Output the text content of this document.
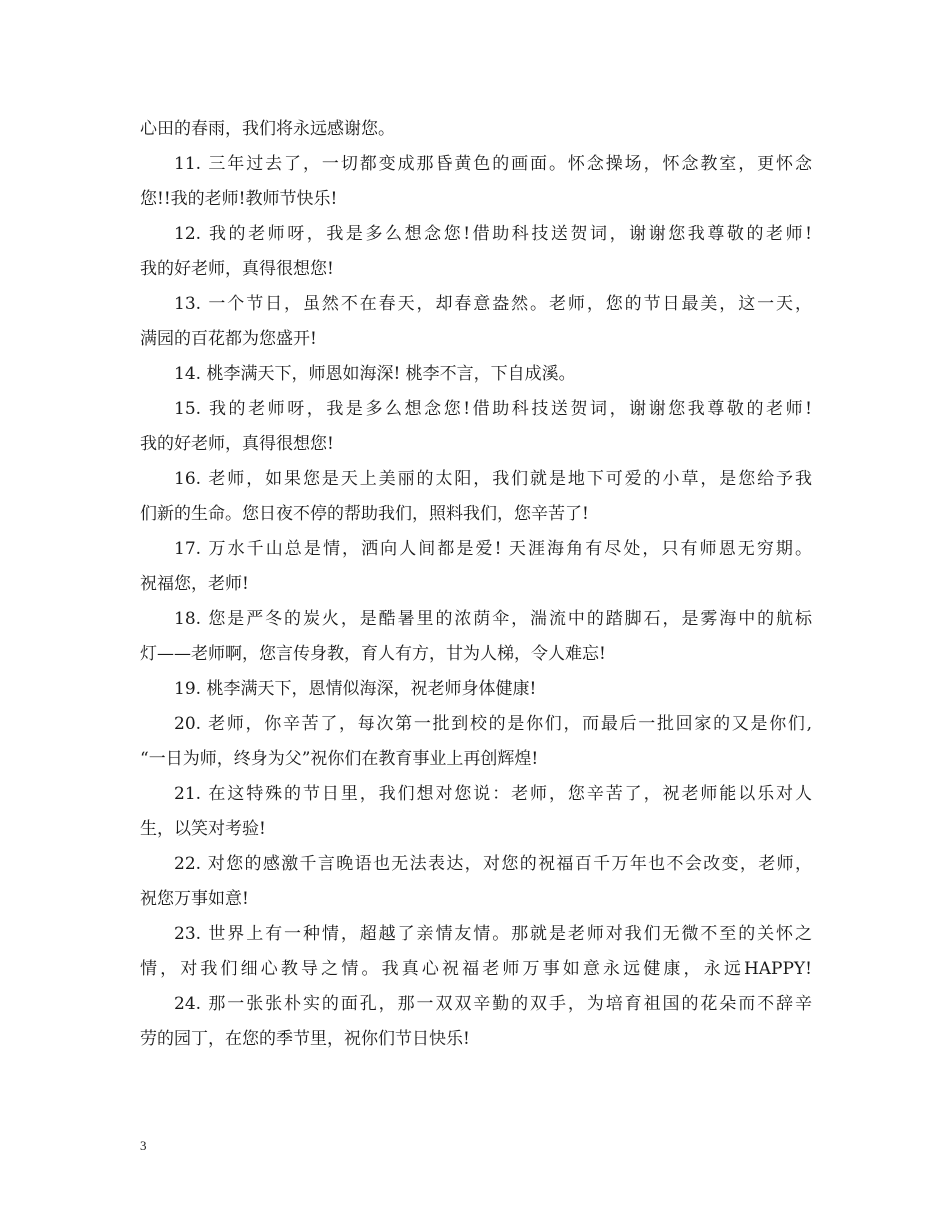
心田的春雨，我们将永远感谢您。
11. 三年过去了，一切都变成那昏黄色的画面。怀念操场，怀念教室，更怀念
您!!我的老师!教师节快乐!
12. 我的老师呀，我是多么想念您!借助科技送贺词，谢谢您我尊敬的老师!
我的好老师，真得很想您!
13. 一个节日，虽然不在春天，却春意盎然。老师，您的节日最美，这一天，
满园的百花都为您盛开!
14. 桃李满天下，师恩如海深! 桃李不言，下自成溪。
15. 我的老师呀，我是多么想念您!借助科技送贺词，谢谢您我尊敬的老师!
我的好老师，真得很想您!
16. 老师，如果您是天上美丽的太阳，我们就是地下可爱的小草，是您给予我
们新的生命。您日夜不停的帮助我们，照料我们，您辛苦了!
17. 万水千山总是情，洒向人间都是爱! 天涯海角有尽处，只有师恩无穷期。
祝福您，老师!
18. 您是严冬的炭火，是酷暑里的浓荫伞，湍流中的踏脚石，是雾海中的航标
灯——老师啊，您言传身教，育人有方，甘为人梯，令人难忘!
19. 桃李满天下，恩情似海深，祝老师身体健康!
20. 老师，你辛苦了，每次第一批到校的是你们，而最后一批回家的又是你们,
“一日为师，终身为父”祝你们在教育事业上再创辉煌!
21. 在这特殊的节日里，我们想对您说：老师，您辛苦了，祝老师能以乐对人
生，以笑对考验!
22. 对您的感激千言晚语也无法表达，对您的祝福百千万年也不会改变，老师，
祝您万事如意!
23. 世界上有一种情，超越了亲情友情。那就是老师对我们无微不至的关怀之
情，对我们细心教导之情。我真心祝福老师万事如意永远健康，永远HAPPY!
24. 那一张张朴实的面孔，那一双双辛勤的双手，为培育祖国的花朵而不辞辛
劳的园丁，在您的季节里，祝你们节日快乐!
3
